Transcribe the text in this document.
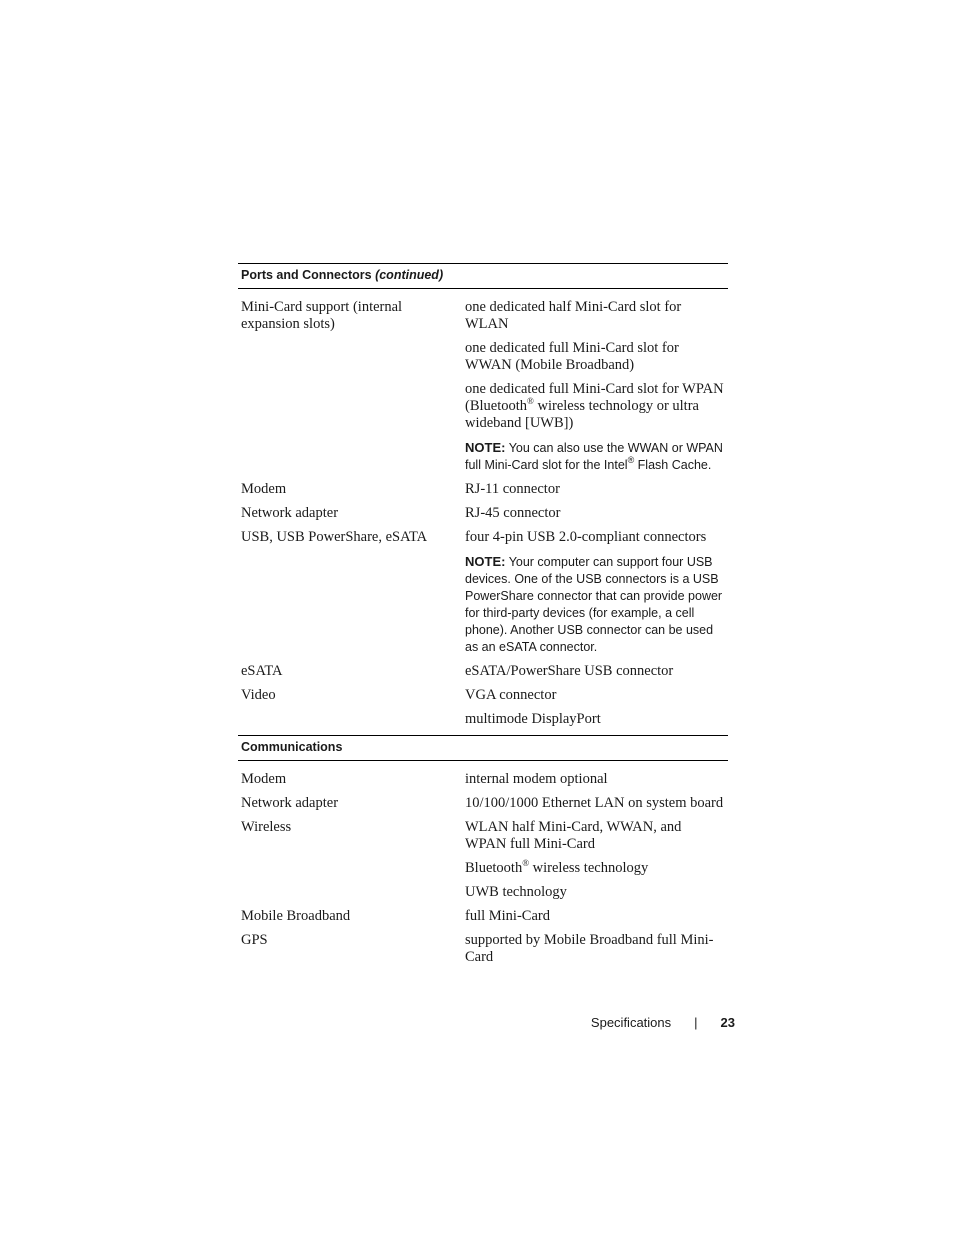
Ports and Connectors (continued)	
Mini-Card support (internal expansion slots)	one dedicated half Mini-Card slot for WLAN
	one dedicated full Mini-Card slot for WWAN (Mobile Broadband)
	one dedicated full Mini-Card slot for WPAN (Bluetooth® wireless technology or ultra wideband [UWB])
	NOTE: You can also use the WWAN or WPAN full Mini-Card slot for the Intel® Flash Cache.
Modem	RJ-11 connector
Network adapter	RJ-45 connector
USB, USB PowerShare, eSATA	four 4-pin USB 2.0-compliant connectors
	NOTE: Your computer can support four USB devices. One of the USB connectors is a USB PowerShare connector that can provide power for third-party devices (for example, a cell phone). Another USB connector can be used as an eSATA connector.
eSATA	eSATA/PowerShare USB connector
Video	VGA connector
	multimode DisplayPort
Communications	
Modem	internal modem optional
Network adapter	10/100/1000 Ethernet LAN on system board
Wireless	WLAN half Mini-Card, WWAN, and WPAN full Mini-Card
	Bluetooth® wireless technology
	UWB technology
Mobile Broadband	full Mini-Card
GPS	supported by Mobile Broadband full Mini-Card
Specifications | 23
